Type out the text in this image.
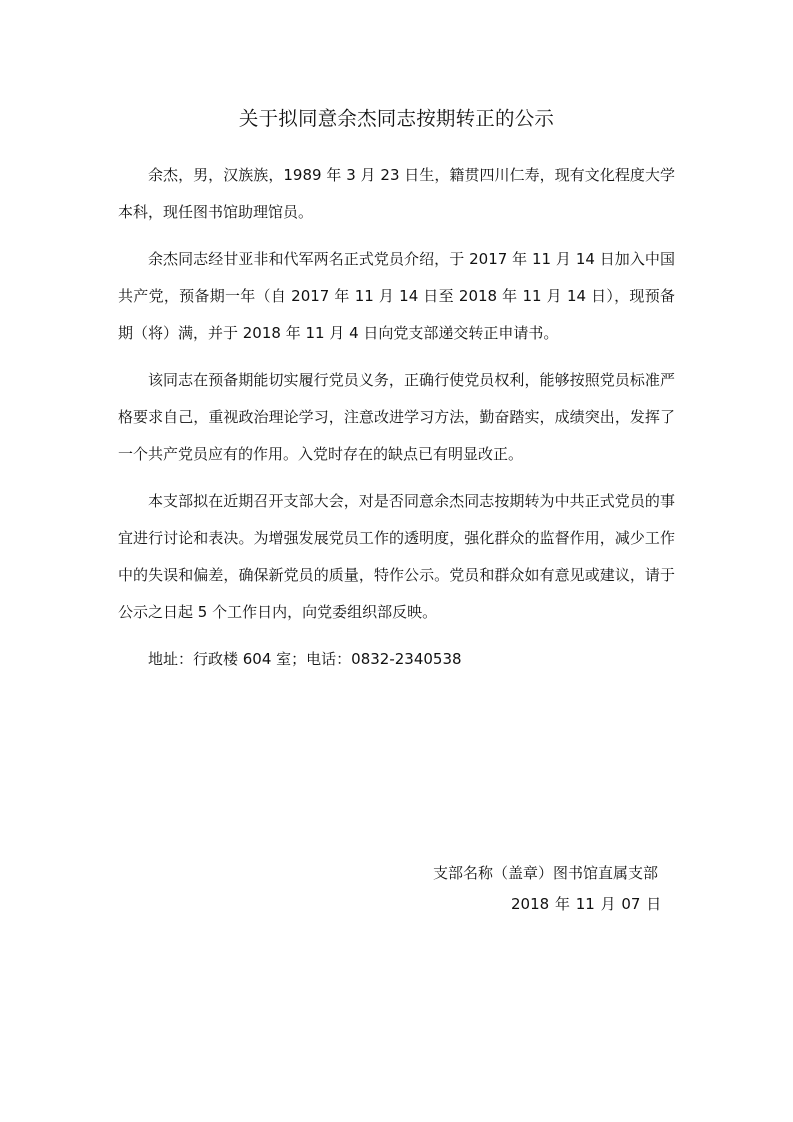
关于拟同意余杰同志按期转正的公示

余杰，男，汉族族，1989 年 3 月 23 日生，籍贯四川仁寿，现有文化程度大学本科，现任图书馆助理馆员。

余杰同志经甘亚非和代军两名正式党员介绍，于 2017 年 11 月 14 日加入中国共产党，预备期一年（自 2017 年 11 月 14 日至 2018 年 11 月 14 日），现预备期（将）满，并于 2018 年 11 月 4 日向党支部递交转正申请书。

该同志在预备期能切实履行党员义务，正确行使党员权利，能够按照党员标准严格要求自己，重视政治理论学习，注意改进学习方法，勤奋踏实，成绩突出，发挥了一个共产党员应有的作用。入党时存在的缺点已有明显改正。

本支部拟在近期召开支部大会，对是否同意余杰同志按期转为中共正式党员的事宜进行讨论和表决。为增强发展党员工作的透明度，强化群众的监督作用，减少工作中的失误和偏差，确保新党员的质量，特作公示。党员和群众如有意见或建议，请于公示之日起 5 个工作日内，向党委组织部反映。

地址：行政楼 604 室；电话：0832-2340538

支部名称（盖章）图书馆直属支部

2018 年 11 月 07 日
